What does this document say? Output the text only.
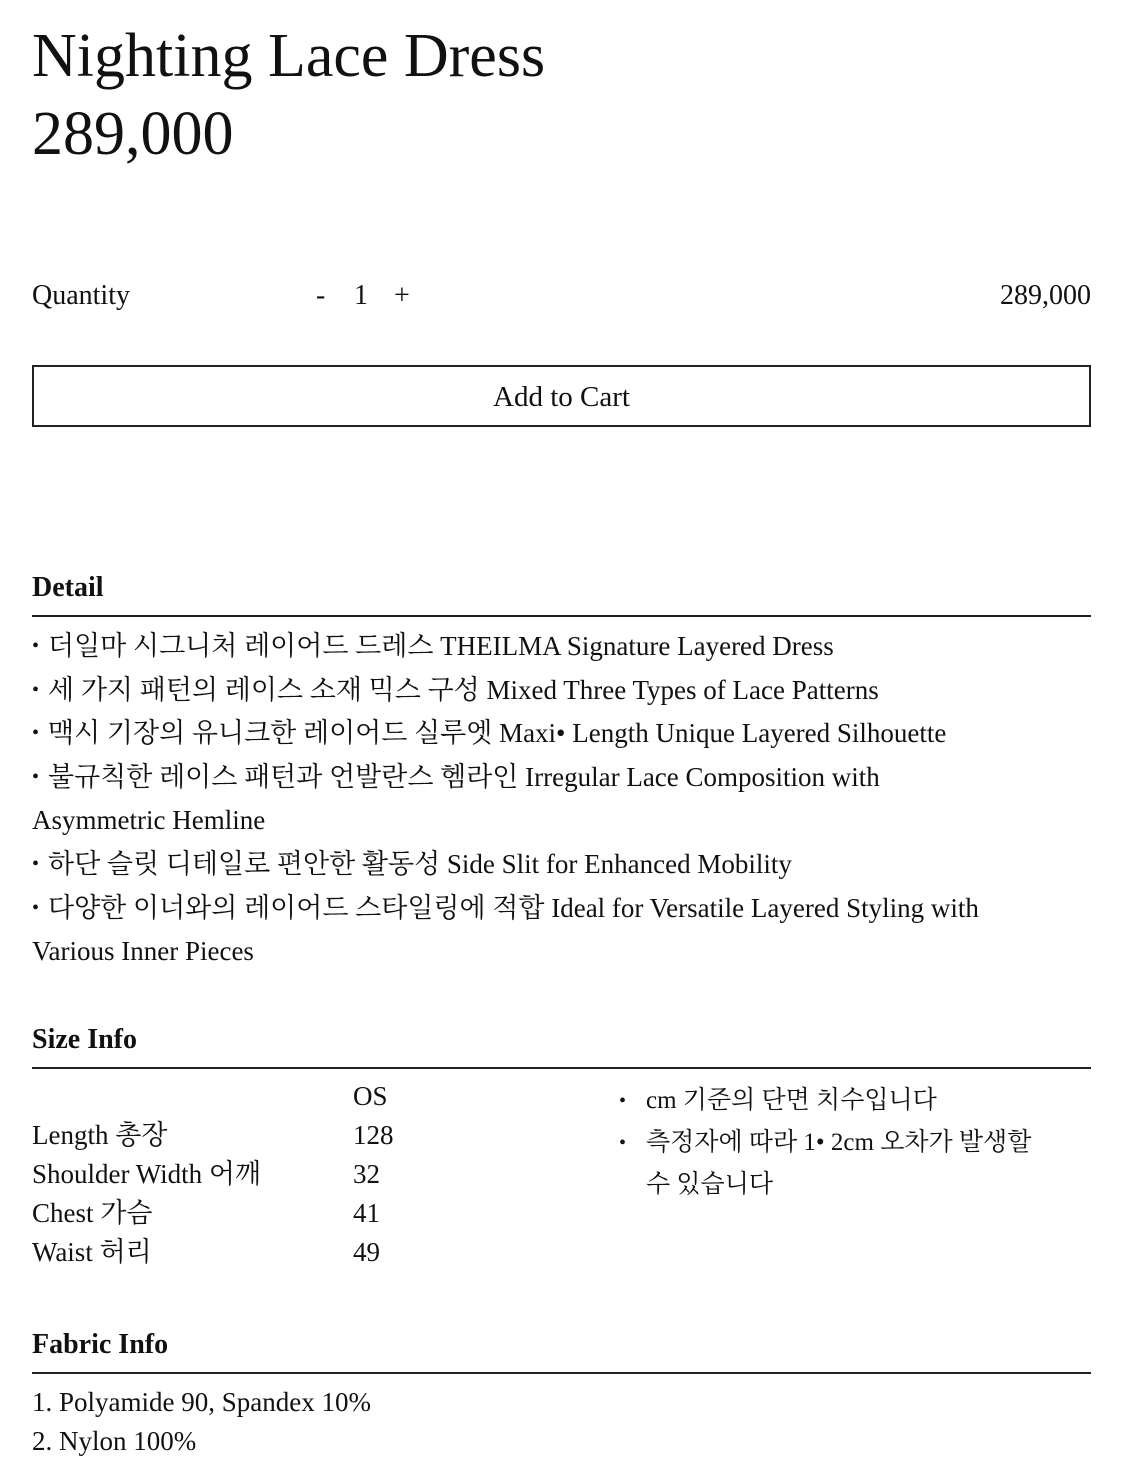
Nighting Lace Dress
289,000
Quantity	- 1 +	289,000
Add to Cart
Detail
• 더일마 시그니처 레이어드 드레스 THEILMA Signature Layered Dress
• 세 가지 패턴의 레이스 소재 믹스 구성 Mixed Three Types of Lace Patterns
• 맥시 기장의 유니크한 레이어드 실루엣 Maxi• Length Unique Layered Silhouette
• 불규칙한 레이스 패턴과 언발란스 헴라인 Irregular Lace Composition with Asymmetric Hemline
• 하단 슬릿 디테일로 편안한 활동성 Side Slit for Enhanced Mobility
• 다양한 이너와의 레이어드 스타일링에 적합 Ideal for Versatile Layered Styling with Various Inner Pieces
Size Info
OS
Length 총장	128
Shoulder Width 어깨	32
Chest 가슴	41
Waist 허리	49
• cm 기준의 단면 치수입니다
• 측정자에 따라 1• 2cm 오차가 발생할 수 있습니다
Fabric Info
1. Polyamide 90, Spandex 10%
2. Nylon 100%
